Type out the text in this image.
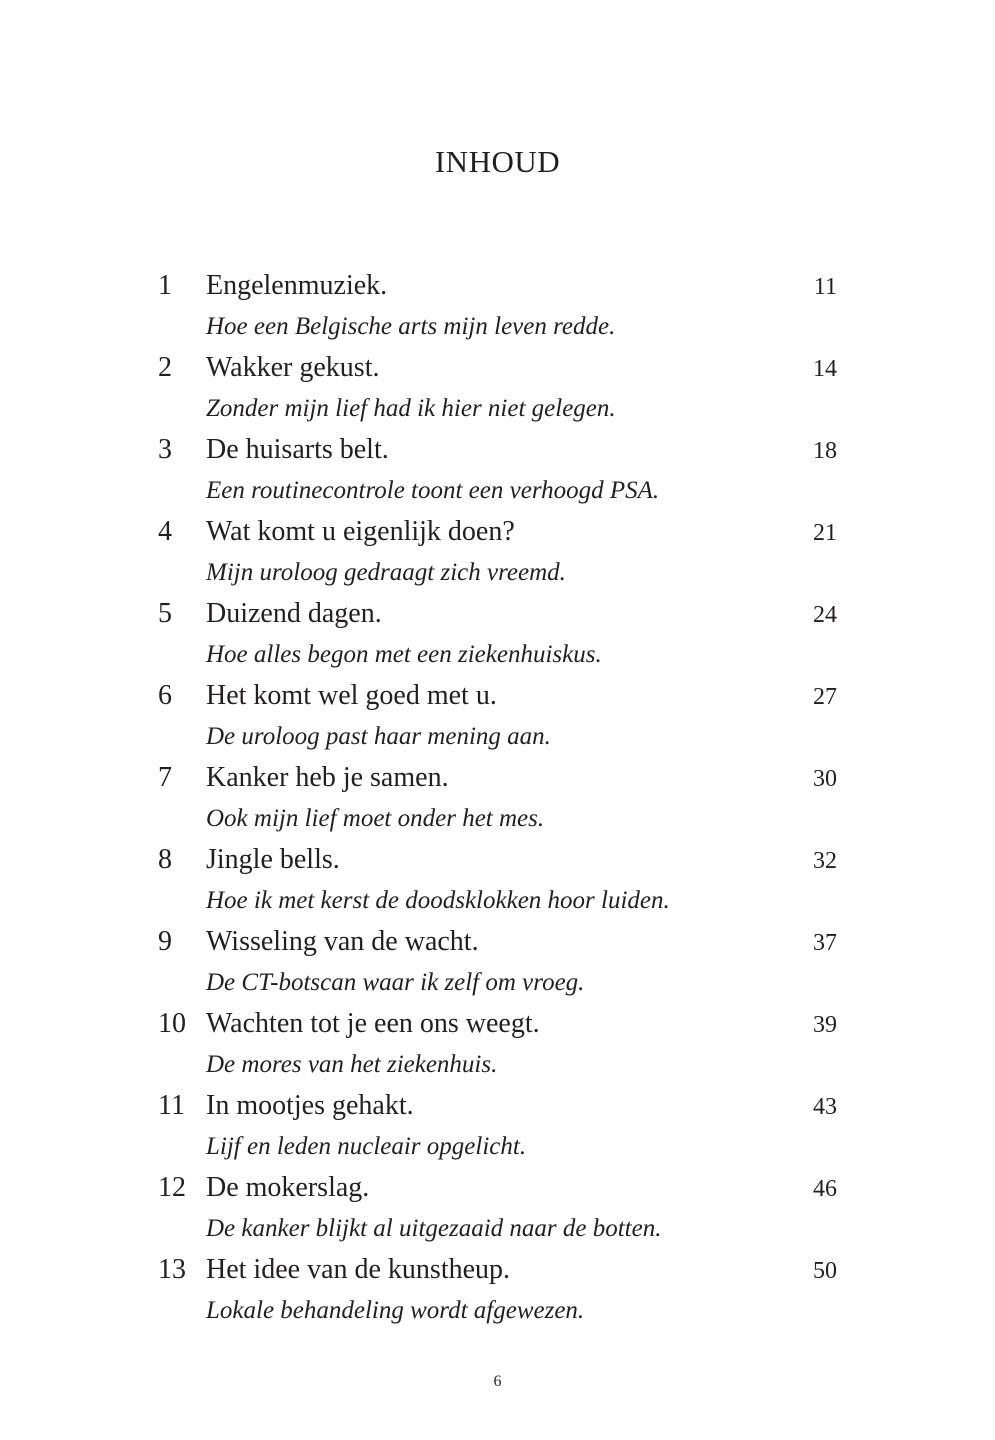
INHOUD
1 Engelenmuziek.	11
Hoe een Belgische arts mijn leven redde.
2 Wakker gekust.	14
Zonder mijn lief had ik hier niet gelegen.
3 De huisarts belt.	18
Een routinecontrole toont een verhoogd PSA.
4 Wat komt u eigenlijk doen?	21
Mijn uroloog gedraagt zich vreemd.
5 Duizend dagen.	24
Hoe alles begon met een ziekenhuiskus.
6 Het komt wel goed met u.	27
De uroloog past haar mening aan.
7 Kanker heb je samen.	30
Ook mijn lief moet onder het mes.
8 Jingle bells.	32
Hoe ik met kerst de doodsklokken hoor luiden.
9 Wisseling van de wacht.	37
De CT-botscan waar ik zelf om vroeg.
10 Wachten tot je een ons weegt.	39
De mores van het ziekenhuis.
11 In mootjes gehakt.	43
Lijf en leden nucleair opgelicht.
12 De mokerslag.	46
De kanker blijkt al uitgezaaid naar de botten.
13 Het idee van de kunstheup.	50
Lokale behandeling wordt afgewezen.
6
